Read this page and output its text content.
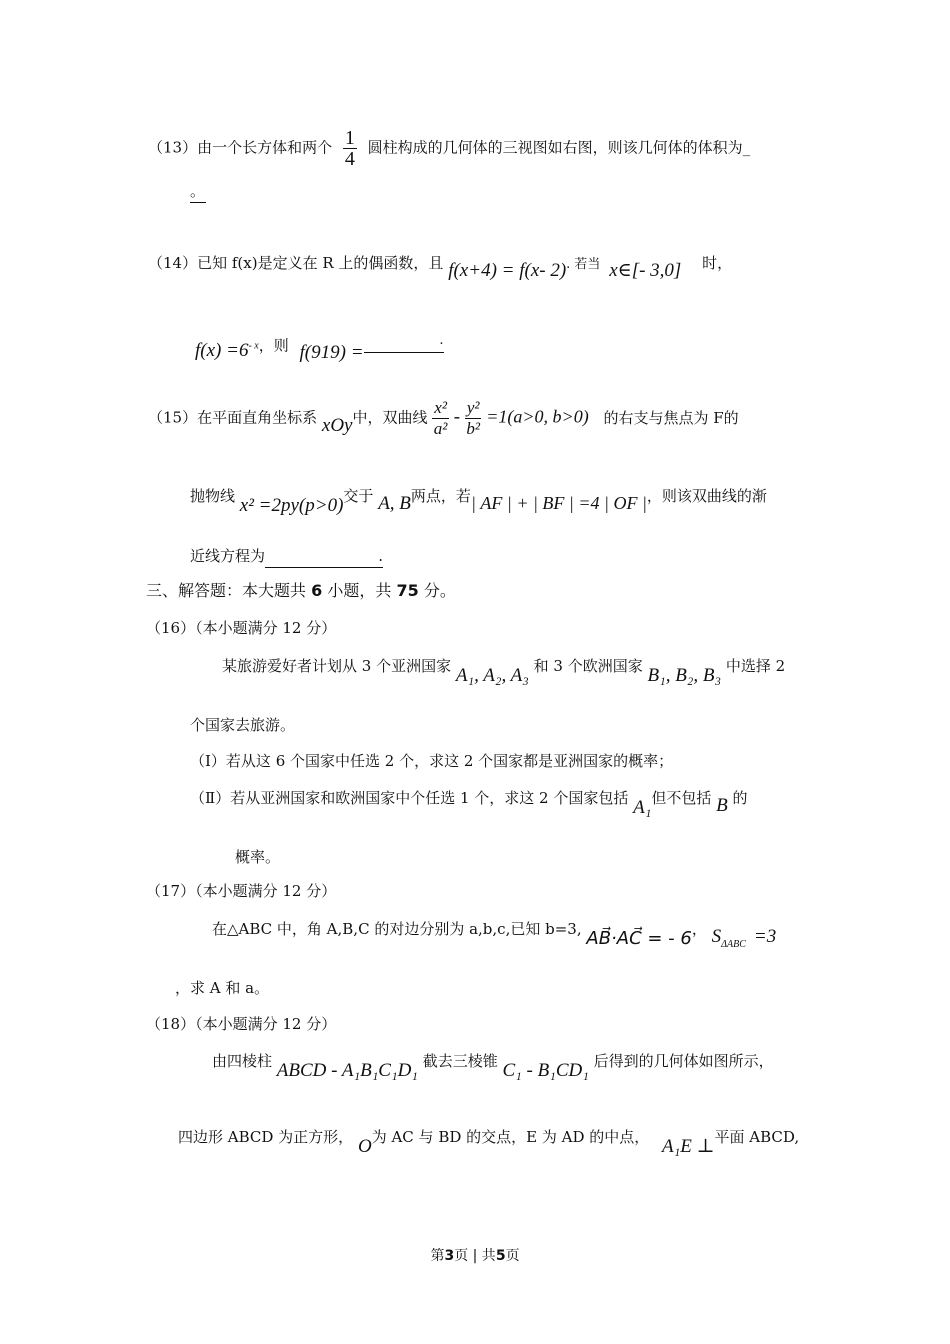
（13）由一个长方体和两个 $\frac{1}{4}$ 圆柱构成的几何体的三视图如右图，则该几何体的体积为_
。
（14）已知 f(x)是定义在 R 上的偶函数，且 f(x+4) = f(x- 2). 若当 x∈[- 3,0] 时，
$f(x) =6^{- x}$，则 f(919) =.
（15）在平面直角坐标系 xOy中，双曲线 $\frac{\text{x²}}{\text{a²}} - \frac{\text{y²}}{\text{b²}} =1(a>0$, b>0) 的右支与焦点为 F的
抛物线 x² =2py(p>0)交于 A, B两点，若| AF | + | BF | =4 | OF |，则该双曲线的渐
近线方程为	.
三、解答题：本大题共 6 小题，共 75 分。
（16）（本小题满分 12 分）
某旅游爱好者计划从 3 个亚洲国家 A₁, A₂, A₃ 和 3 个欧洲国家 B₁, B₂, B₃ 中选择 2
个国家去旅游。
（Ⅰ）若从这 6 个国家中任选 2 个，求这 2 个国家都是亚洲国家的概率；
（Ⅱ）若从亚洲国家和欧洲国家中个任选 1 个，求这 2 个国家包括 A₁但不包括 B 的
概率。
（17）（本小题满分 12 分）
在△ABC 中，角 A,B,C 的对边分别为 a,b,c,已知 b=3, AB⃗·AC⃗ = - 6， $S_{\Delta ABC} =3$
，求 A 和 a。
（18）（本小题满分 12 分）
由四棱柱 ABCD - A₁B₁C₁D₁ 截去三棱锥 C₁ - B₁CD₁ 后得到的几何体如图所示，
四边形 ABCD 为正方形， O为 AC 与 BD 的交点，E 为 AD 的中点， A₁E ⊥平面 ABCD,
第3页 | 共5页
